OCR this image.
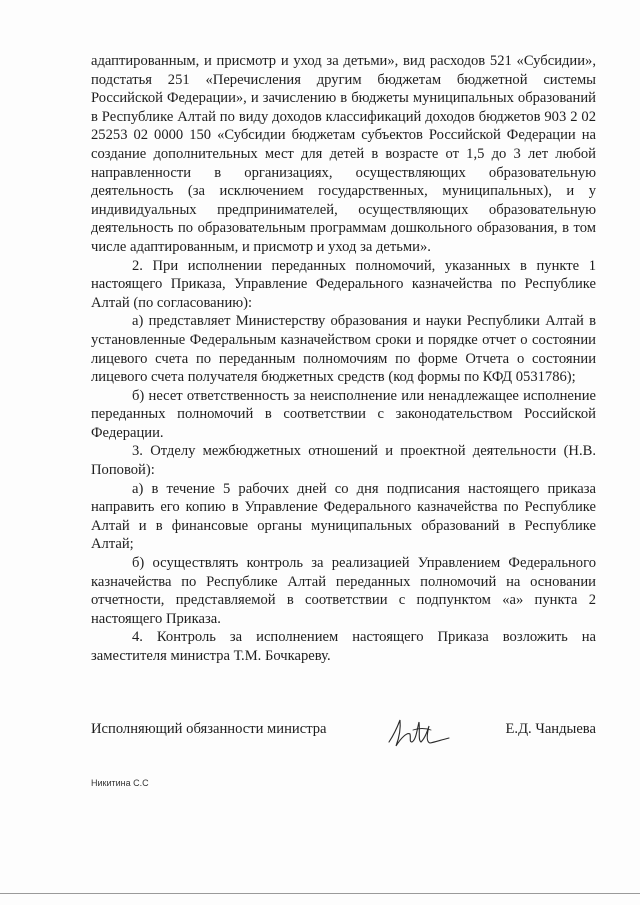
адаптированным, и присмотр и уход за детьми», вид расходов 521 «Субсидии», подстатья 251 «Перечисления другим бюджетам бюджетной системы Российской Федерации», и зачислению в бюджеты муниципальных образований в Республике Алтай по виду доходов классификаций доходов бюджетов 903 2 02 25253 02 0000 150 «Субсидии бюджетам субъектов Российской Федерации на создание дополнительных мест для детей в возрасте от 1,5 до 3 лет любой направленности в организациях, осуществляющих образовательную деятельность (за исключением государственных, муниципальных), и у индивидуальных предпринимателей, осуществляющих образовательную деятельность по образовательным программам дошкольного образования, в том числе адаптированным, и присмотр и уход за детьми».

2. При исполнении переданных полномочий, указанных в пункте 1 настоящего Приказа, Управление Федерального казначейства по Республике Алтай (по согласованию):

а) представляет Министерству образования и науки Республики Алтай в установленные Федеральным казначейством сроки и порядке отчет о состоянии лицевого счета по переданным полномочиям по форме Отчета о состоянии лицевого счета получателя бюджетных средств (код формы по КФД 0531786);

б) несет ответственность за неисполнение или ненадлежащее исполнение переданных полномочий в соответствии с законодательством Российской Федерации.

3. Отделу межбюджетных отношений и проектной деятельности (Н.В. Поповой):

а) в течение 5 рабочих дней со дня подписания настоящего приказа направить его копию в Управление Федерального казначейства по Республике Алтай и в финансовые органы муниципальных образований в Республике Алтай;

б) осуществлять контроль за реализацией Управлением Федерального казначейства по Республике Алтай переданных полномочий на основании отчетности, представляемой в соответствии с подпунктом «а» пункта 2 настоящего Приказа.

4. Контроль за исполнением настоящего Приказа возложить на заместителя министра Т.М. Бочкареву.

Исполняющий обязанности министра	Е.Д. Чандыева
Никитина С.С
